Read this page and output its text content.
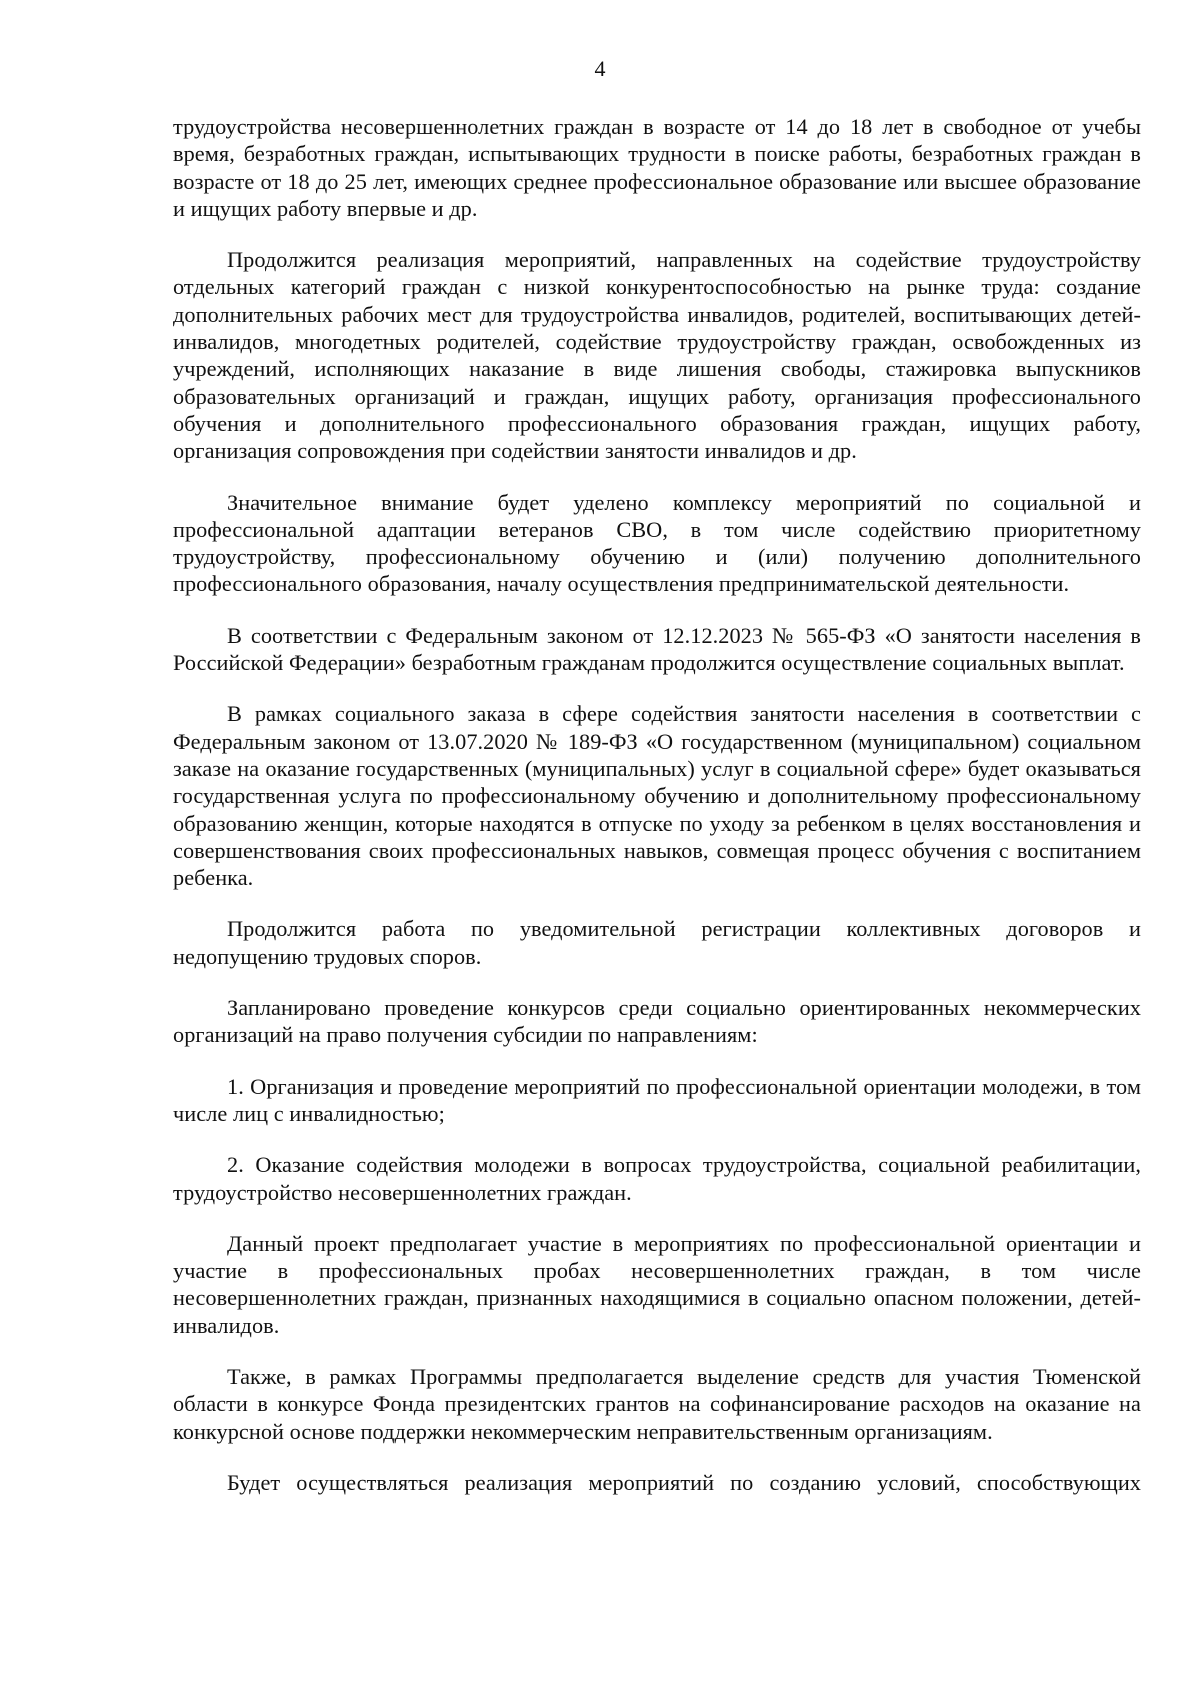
4

трудоустройства несовершеннолетних граждан в возрасте от 14 до 18 лет в свободное от учебы время, безработных граждан, испытывающих трудности в поиске работы, безработных граждан в возрасте от 18 до 25 лет, имеющих среднее профессиональное образование или высшее образование и ищущих работу впервые и др.

Продолжится реализация мероприятий, направленных на содействие трудоустройству отдельных категорий граждан с низкой конкурентоспособностью на рынке труда: создание дополнительных рабочих мест для трудоустройства инвалидов, родителей, воспитывающих детей-инвалидов, многодетных родителей, содействие трудоустройству граждан, освобожденных из учреждений, исполняющих наказание в виде лишения свободы, стажировка выпускников образовательных организаций и граждан, ищущих работу, организация профессионального обучения и дополнительного профессионального образования граждан, ищущих работу, организация сопровождения при содействии занятости инвалидов и др.

Значительное внимание будет уделено комплексу мероприятий по социальной и профессиональной адаптации ветеранов СВО, в том числе содействию приоритетному трудоустройству, профессиональному обучению и (или) получению дополнительного профессионального образования, началу осуществления предпринимательской деятельности.

В соответствии с Федеральным законом от 12.12.2023 № 565-ФЗ «О занятости населения в Российской Федерации» безработным гражданам продолжится осуществление социальных выплат.

В рамках социального заказа в сфере содействия занятости населения в соответствии с Федеральным законом от 13.07.2020 № 189-ФЗ «О государственном (муниципальном) социальном заказе на оказание государственных (муниципальных) услуг в социальной сфере» будет оказываться государственная услуга по профессиональному обучению и дополнительному профессиональному образованию женщин, которые находятся в отпуске по уходу за ребенком в целях восстановления и совершенствования своих профессиональных навыков, совмещая процесс обучения с воспитанием ребенка.

Продолжится работа по уведомительной регистрации коллективных договоров и недопущению трудовых споров.

Запланировано проведение конкурсов среди социально ориентированных некоммерческих организаций на право получения субсидии по направлениям:

1. Организация и проведение мероприятий по профессиональной ориентации молодежи, в том числе лиц с инвалидностью;

2. Оказание содействия молодежи в вопросах трудоустройства, социальной реабилитации, трудоустройство несовершеннолетних граждан.

Данный проект предполагает участие в мероприятиях по профессиональной ориентации и участие в профессиональных пробах несовершеннолетних граждан, в том числе несовершеннолетних граждан, признанных находящимися в социально опасном положении, детей-инвалидов.

Также, в рамках Программы предполагается выделение средств для участия Тюменской области в конкурсе Фонда президентских грантов на софинансирование расходов на оказание на конкурсной основе поддержки некоммерческим неправительственным организациям.

Будет осуществляться реализация мероприятий по созданию условий, способствующих
